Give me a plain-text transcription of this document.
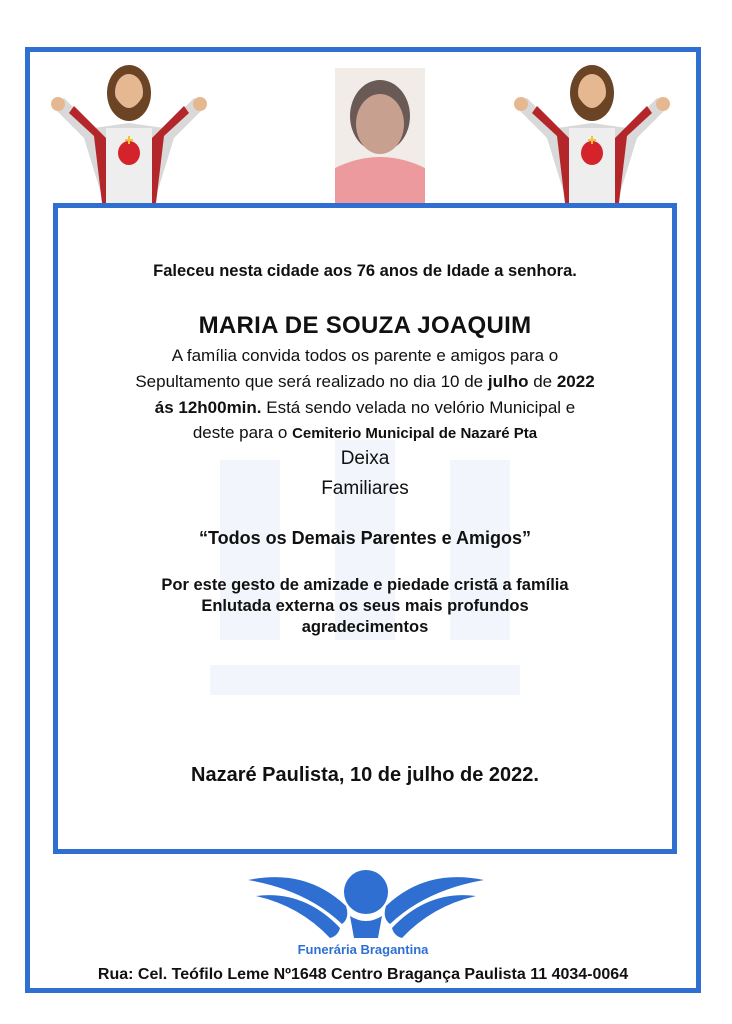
Faleceu nesta cidade aos 76 anos de Idade a senhora.
MARIA DE SOUZA JOAQUIM
A família convida todos os parente e amigos para o
Sepultamento que será realizado no dia 10 de julho de 2022
ás 12h00min. Está sendo velada no velório Municipal e
deste para o Cemiterio Municipal de Nazaré Pta
Deixa
Familiares
“Todos os Demais Parentes e Amigos”
Por este gesto de amizade e piedade cristã a família
Enlutada externa os seus mais profundos
agradecimentos
Nazaré Paulista, 10 de julho de 2022.
Funerária Bragantina
Rua: Cel. Teófilo Leme Nº1648 Centro Bragança Paulista 11 4034-0064
